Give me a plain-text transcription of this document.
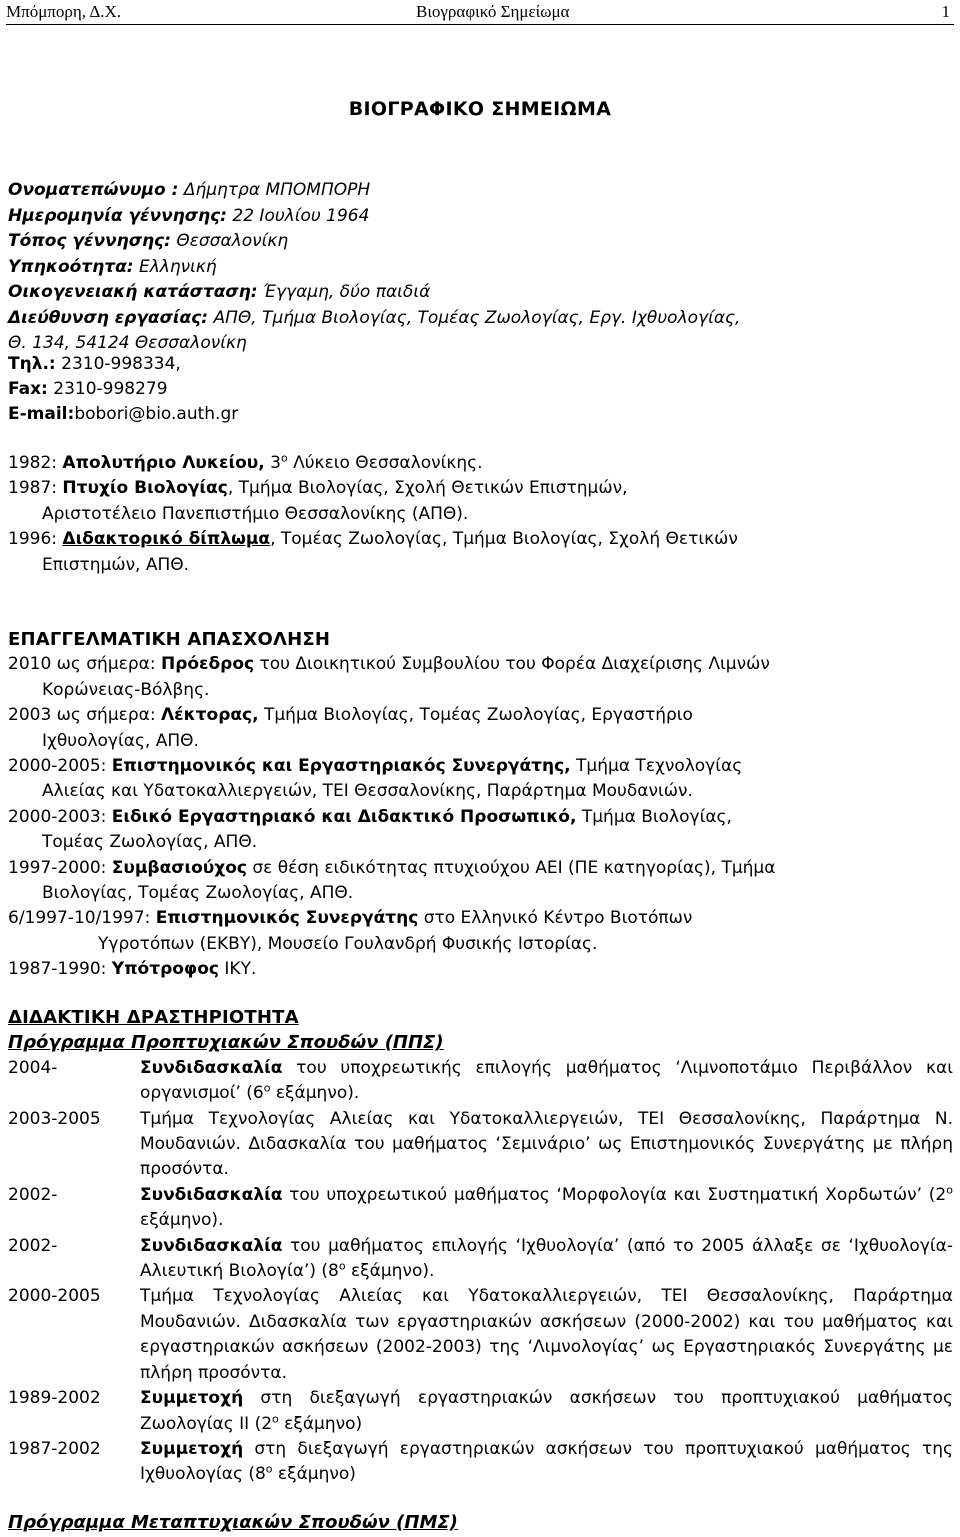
Μπόμπορη, Δ.Χ.	Βιογραφικό Σημείωμα	1
ΒΙΟΓΡΑΦΙΚΟ ΣΗΜΕΙΩΜΑ
Ονοματεπώνυμο : Δήμητρα ΜΠΟΜΠΟΡΗ
Ημερομηνία γέννησης: 22 Ιουλίου 1964
Τόπος γέννησης: Θεσσαλονίκη
Υπηκοότητα: Ελληνική
Οικογενειακή κατάσταση: Έγγαμη, δύο παιδιά
Διεύθυνση εργασίας: ΑΠΘ, Τμήμα Βιολογίας, Τομέας Ζωολογίας, Εργ. Ιχθυολογίας,
Θ. 134, 54124 Θεσσαλονίκη
Τηλ.: 2310-998334,
Fax: 2310-998279
E-mail:bobori@bio.auth.gr
1982: Απολυτήριο Λυκείου, $3^o$ Λύκειο Θεσσαλονίκης.
1987: Πτυχίο Βιολογίας, Τμήμα Βιολογίας, Σχολή Θετικών Επιστημών,
Αριστοτέλειο Πανεπιστήμιο Θεσσαλονίκης (ΑΠΘ).
1996: Διδακτορικό δίπλωμα, Τομέας Ζωολογίας, Τμήμα Βιολογίας, Σχολή Θετικών
Επιστημών, ΑΠΘ.
ΕΠΑΓΓΕΛΜΑΤΙΚΗ ΑΠΑΣΧΟΛΗΣΗ
2010 ως σήμερα: Πρόεδρος του Διοικητικού Συμβουλίου του Φορέα Διαχείρισης Λιμνών
Κορώνειας-Βόλβης.
2003 ως σήμερα: Λέκτορας, Τμήμα Βιολογίας, Τομέας Ζωολογίας, Εργαστήριο
Ιχθυολογίας, ΑΠΘ.
2000-2005: Επιστημονικός και Εργαστηριακός Συνεργάτης, Τμήμα Τεχνολογίας
Αλιείας και Υδατοκαλλιεργειών, ΤΕΙ Θεσσαλονίκης, Παράρτημα Μουδανιών.
2000-2003: Ειδικό Εργαστηριακό και Διδακτικό Προσωπικό, Τμήμα Βιολογίας,
Τομέας Ζωολογίας, ΑΠΘ.
1997-2000: Συμβασιούχος σε θέση ειδικότητας πτυχιούχου ΑΕΙ (ΠΕ κατηγορίας), Τμήμα
Βιολογίας, Τομέας Ζωολογίας, ΑΠΘ.
6/1997-10/1997: Επιστημονικός Συνεργάτης στο Ελληνικό Κέντρο Βιοτόπων
Υγροτόπων (ΕΚΒΥ), Μουσείο Γουλανδρή Φυσικής Ιστορίας.
1987-1990: Υπότροφος ΙΚΥ.
ΔΙΔΑΚΤΙΚΗ ΔΡΑΣΤΗΡΙΟΤΗΤΑ
Πρόγραμμα Προπτυχιακών Σπουδών (ΠΠΣ)
2004-	Συνδιδασκαλία του υποχρεωτικής επιλογής μαθήματος ‘Λιμνοποτάμιο Περιβάλλον και οργανισμοί’ ($6^o$ εξάμηνο).
2003-2005	Τμήμα Τεχνολογίας Αλιείας και Υδατοκαλλιεργειών, ΤΕΙ Θεσσαλονίκης, Παράρτημα Ν. Μουδανιών. Διδασκαλία του μαθήματος ‘Σεμινάριο’ ως Επιστημονικός Συνεργάτης με πλήρη προσόντα.
2002-	Συνδιδασκαλία του υποχρεωτικού μαθήματος ‘Μορφολογία και Συστηματική Χορδωτών’ ($2^o$ εξάμηνο).
2002-	Συνδιδασκαλία του μαθήματος επιλογής ‘Ιχθυολογία’ (από το 2005 άλλαξε σε ‘Ιχθυολογία-Αλιευτική Βιολογία’) ($8^o$ εξάμηνο).
2000-2005	Τμήμα Τεχνολογίας Αλιείας και Υδατοκαλλιεργειών, ΤΕΙ Θεσσαλονίκης, Παράρτημα Μουδανιών. Διδασκαλία των εργαστηριακών ασκήσεων (2000-2002) και του μαθήματος και εργαστηριακών ασκήσεων (2002-2003) της ‘Λιμνολογίας’ ως Εργαστηριακός Συνεργάτης με πλήρη προσόντα.
1989-2002	Συμμετοχή στη διεξαγωγή εργαστηριακών ασκήσεων του προπτυχιακού μαθήματος Ζωολογίας ΙΙ ($2^o$ εξάμηνο)
1987-2002	Συμμετοχή στη διεξαγωγή εργαστηριακών ασκήσεων του προπτυχιακού μαθήματος της Ιχθυολογίας ($8^o$ εξάμηνο)
Πρόγραμμα Μεταπτυχιακών Σπουδών (ΠΜΣ)
